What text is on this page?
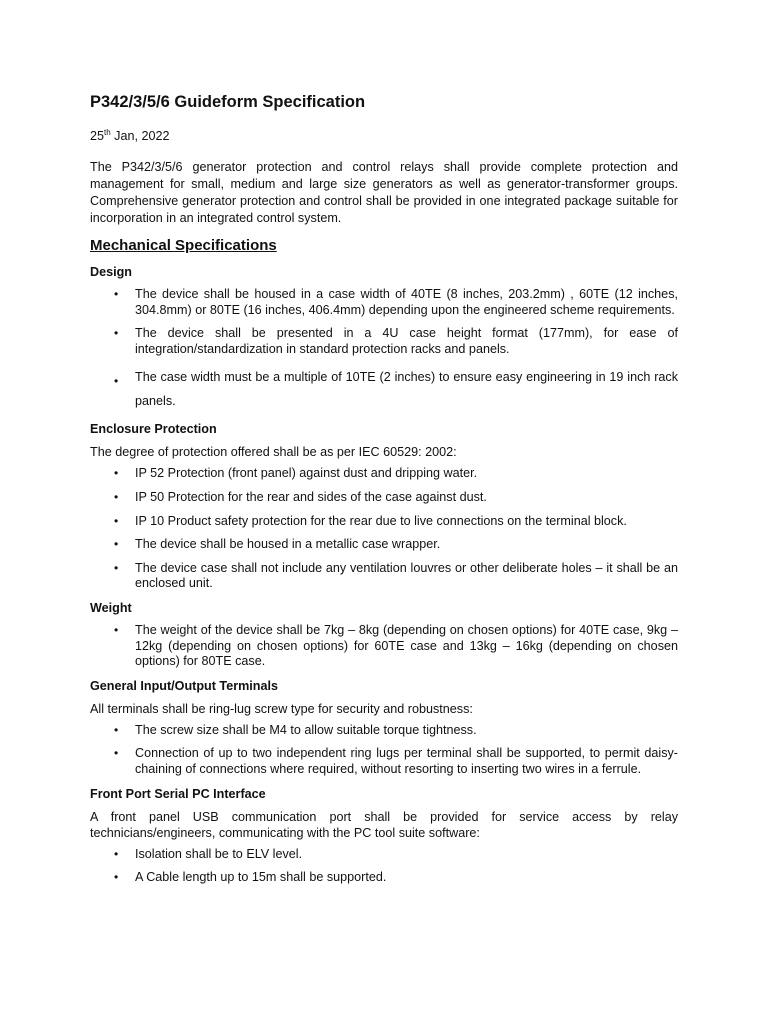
P342/3/5/6 Guideform Specification
25th Jan, 2022

The P342/3/5/6 generator protection and control relays shall provide complete protection and management for small, medium and large size generators as well as generator-transformer groups. Comprehensive generator protection and control shall be provided in one integrated package suitable for incorporation in an integrated control system.

Mechanical Specifications
Design
• The device shall be housed in a case width of 40TE (8 inches, 203.2mm) , 60TE (12 inches, 304.8mm) or 80TE (16 inches, 406.4mm) depending upon the engineered scheme requirements.
• The device shall be presented in a 4U case height format (177mm), for ease of integration/standardization in standard protection racks and panels.
• The case width must be a multiple of 10TE (2 inches) to ensure easy engineering in 19 inch rack panels.
Enclosure Protection
The degree of protection offered shall be as per IEC 60529: 2002:
• IP 52 Protection (front panel) against dust and dripping water.
• IP 50 Protection for the rear and sides of the case against dust.
• IP 10 Product safety protection for the rear due to live connections on the terminal block.
• The device shall be housed in a metallic case wrapper.
• The device case shall not include any ventilation louvres or other deliberate holes – it shall be an enclosed unit.
Weight
• The weight of the device shall be 7kg – 8kg (depending on chosen options) for 40TE case, 9kg – 12kg (depending on chosen options) for 60TE case and 13kg – 16kg (depending on chosen options) for 80TE case.
General Input/Output Terminals
All terminals shall be ring-lug screw type for security and robustness:
• The screw size shall be M4 to allow suitable torque tightness.
• Connection of up to two independent ring lugs per terminal shall be supported, to permit daisy-chaining of connections where required, without resorting to inserting two wires in a ferrule.
Front Port Serial PC Interface
A front panel USB communication port shall be provided for service access by relay technicians/engineers, communicating with the PC tool suite software:
• Isolation shall be to ELV level.
• A Cable length up to 15m shall be supported.
